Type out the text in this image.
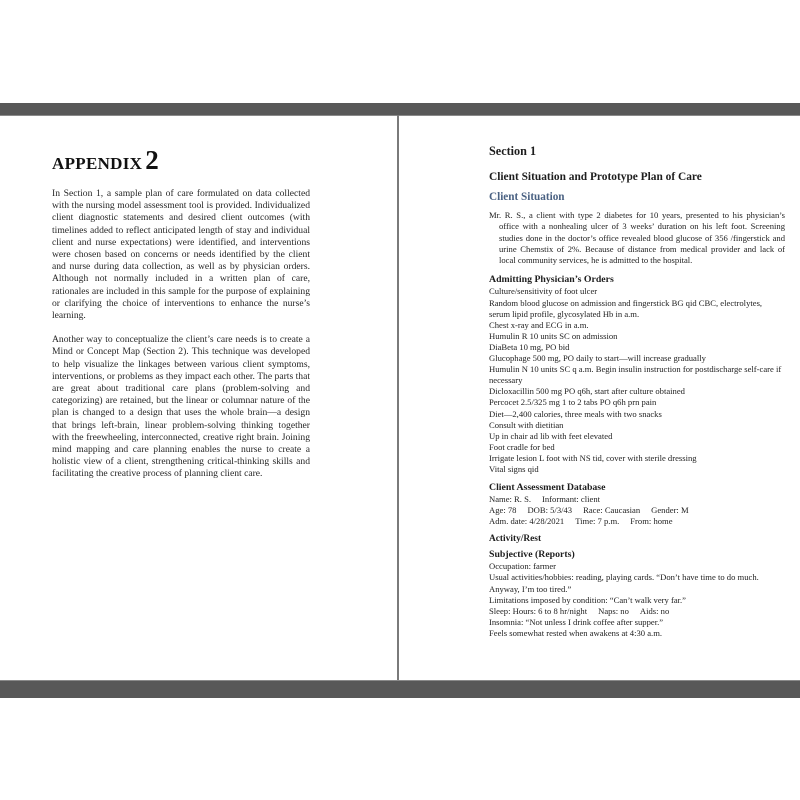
APPENDIX 2

In Section 1, a sample plan of care formulated on data collected with the nursing model assessment tool is provided. Individualized client diagnostic statements and desired client outcomes (with timelines added to reflect anticipated length of stay and individual client and nurse expectations) were identified, and interventions were chosen based on concerns or needs identified by the client and nurse during data collection, as well as by physician orders. Although not normally included in a written plan of care, rationales are included in this sample for the purpose of explaining or clarifying the choice of interventions to enhance the nurse’s learning.

Another way to conceptualize the client’s care needs is to create a Mind or Concept Map (Section 2). This technique was developed to help visualize the linkages between various client symptoms, interventions, or problems as they impact each other. The parts that are great about traditional care plans (problem-solving and categorizing) are retained, but the linear or columnar nature of the plan is changed to a design that uses the whole brain—a design that brings left-brain, linear problem-solving thinking together with the freewheeling, interconnected, creative right brain. Joining mind mapping and care planning enables the nurse to create a holistic view of a client, strengthening critical-thinking skills and facilitating the creative process of planning client care.

Section 1
Client Situation and Prototype Plan of Care
Client Situation

Mr. R. S., a client with type 2 diabetes for 10 years, presented to his physician’s office with a nonhealing ulcer of 3 weeks’ duration on his left foot. Screening studies done in the doctor’s office revealed blood glucose of 356 /fingerstick and urine Chemstix of 2%. Because of distance from medical provider and lack of local community services, he is admitted to the hospital.

Admitting Physician’s Orders
Culture/sensitivity of foot ulcer
Random blood glucose on admission and fingerstick BG qid CBC, electrolytes, serum lipid profile, glycosylated Hb in a.m.
Chest x-ray and ECG in a.m.
Humulin R 10 units SC on admission
DiaBeta 10 mg, PO bid
Glucophage 500 mg, PO daily to start—will increase gradually
Humulin N 10 units SC q a.m. Begin insulin instruction for postdischarge self-care if necessary
Dicloxacillin 500 mg PO q6h, start after culture obtained
Percocet 2.5/325 mg 1 to 2 tabs PO q6h prn pain
Diet—2,400 calories, three meals with two snacks
Consult with dietitian
Up in chair ad lib with feet elevated
Foot cradle for bed
Irrigate lesion L foot with NS tid, cover with sterile dressing
Vital signs qid
Client Assessment Database
Name: R. S. Informant: client
Age: 78 DOB: 5/3/43 Race: Caucasian Gender: M
Adm. date: 4/28/2021 Time: 7 p.m. From: home
Activity/Rest
Subjective (Reports)
Occupation: farmer
Usual activities/hobbies: reading, playing cards. “Don’t have time to do much. Anyway, I’m too tired.”
Limitations imposed by condition: “Can’t walk very far.”
Sleep: Hours: 6 to 8 hr/night Naps: no Aids: no
Insomnia: “Not unless I drink coffee after supper.”
Feels somewhat rested when awakens at 4:30 a.m.
